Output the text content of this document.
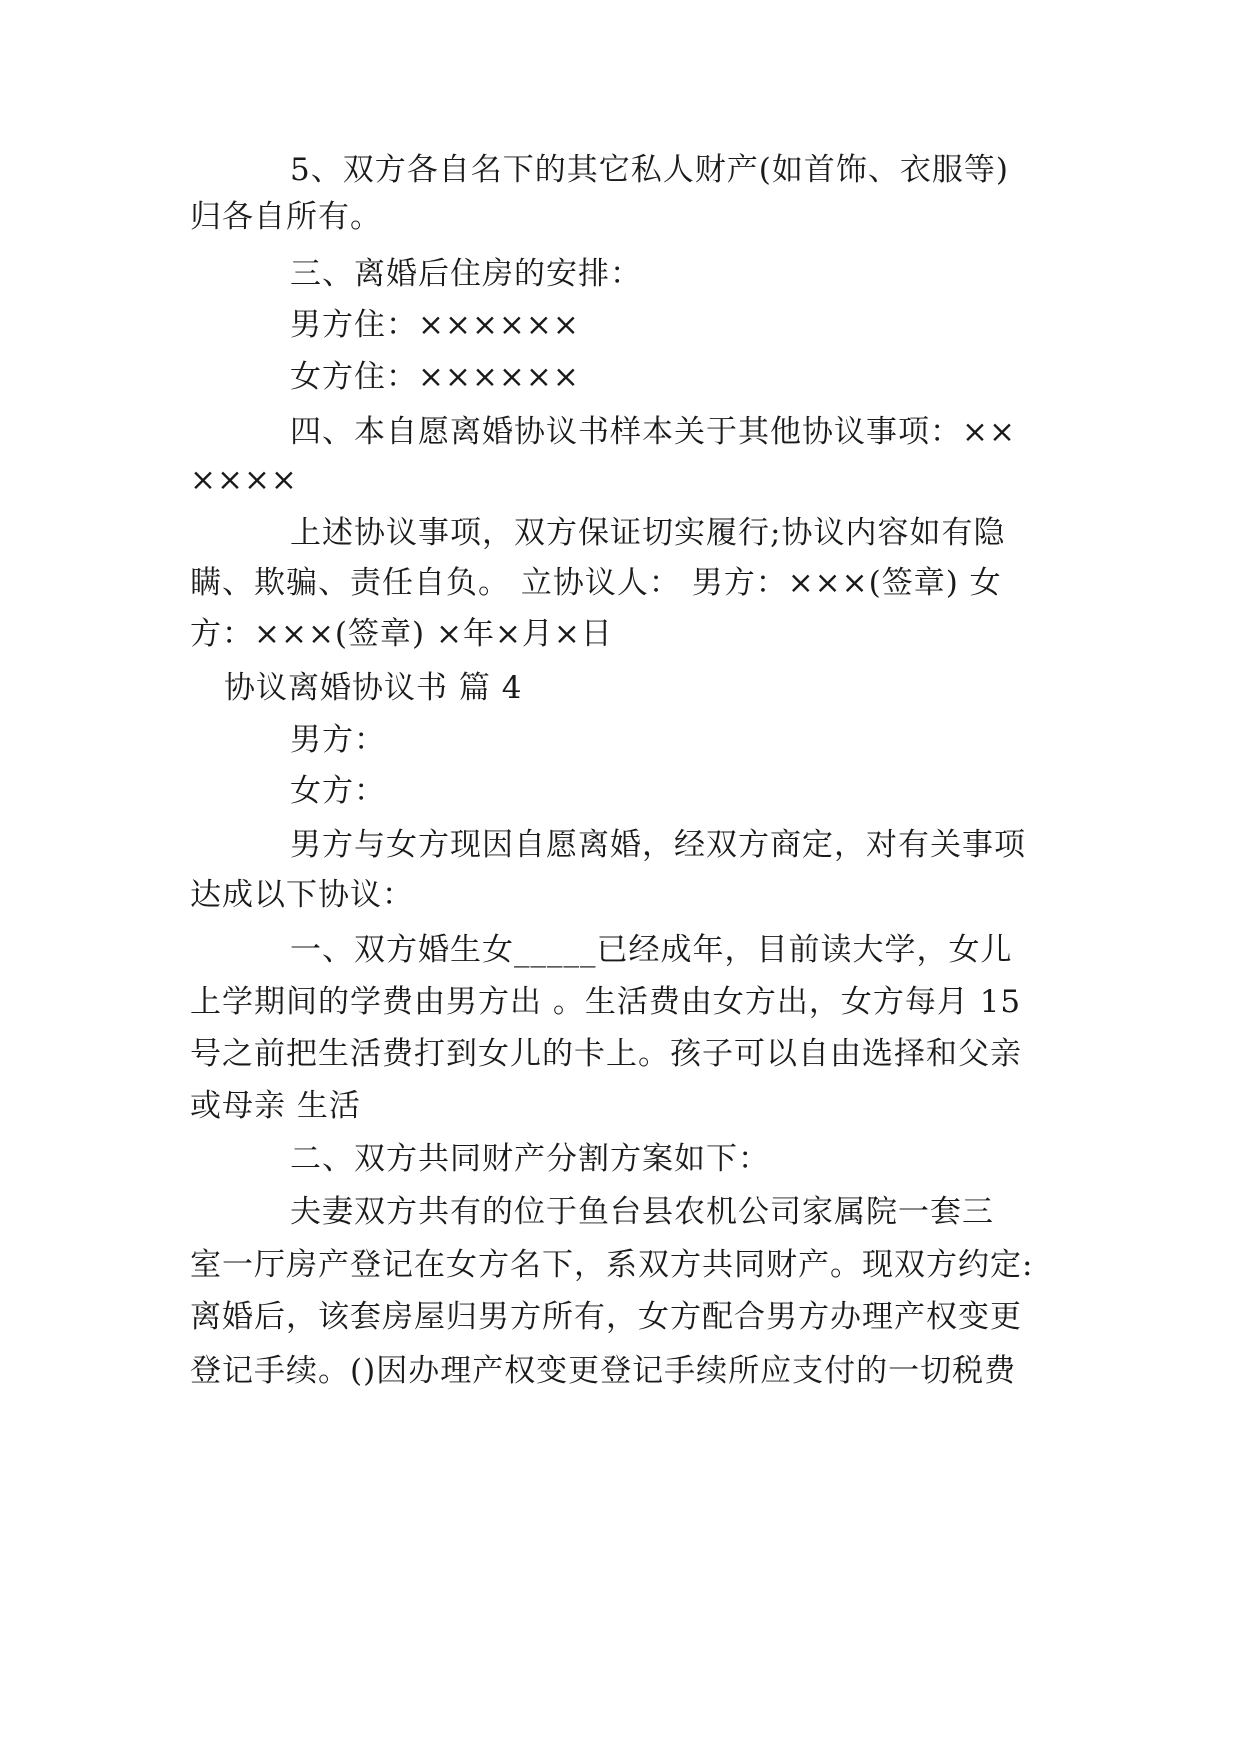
5、双方各自名下的其它私人财产(如首饰、衣服等)
归各自所有。
三、离婚后住房的安排：
男方住：××××××
女方住：××××××
四、本自愿离婚协议书样本关于其他协议事项：××
××××
上述协议事项，双方保证切实履行;协议内容如有隐
瞒、欺骗、责任自负。 立协议人： 男方：×××(签章) 女
方：×××(签章) ×年×月×日
协议离婚协议书 篇 4
男方：
女方：
男方与女方现因自愿离婚，经双方商定，对有关事项
达成以下协议：
一、双方婚生女_____已经成年，目前读大学，女儿
上学期间的学费由男方出 。生活费由女方出，女方每月 15
号之前把生活费打到女儿的卡上。孩子可以自由选择和父亲
或母亲 生活
二、双方共同财产分割方案如下：
夫妻双方共有的位于鱼台县农机公司家属院一套三
室一厅房产登记在女方名下，系双方共同财产。现双方约定:
离婚后，该套房屋归男方所有，女方配合男方办理产权变更
登记手续。()因办理产权变更登记手续所应支付的一切税费
